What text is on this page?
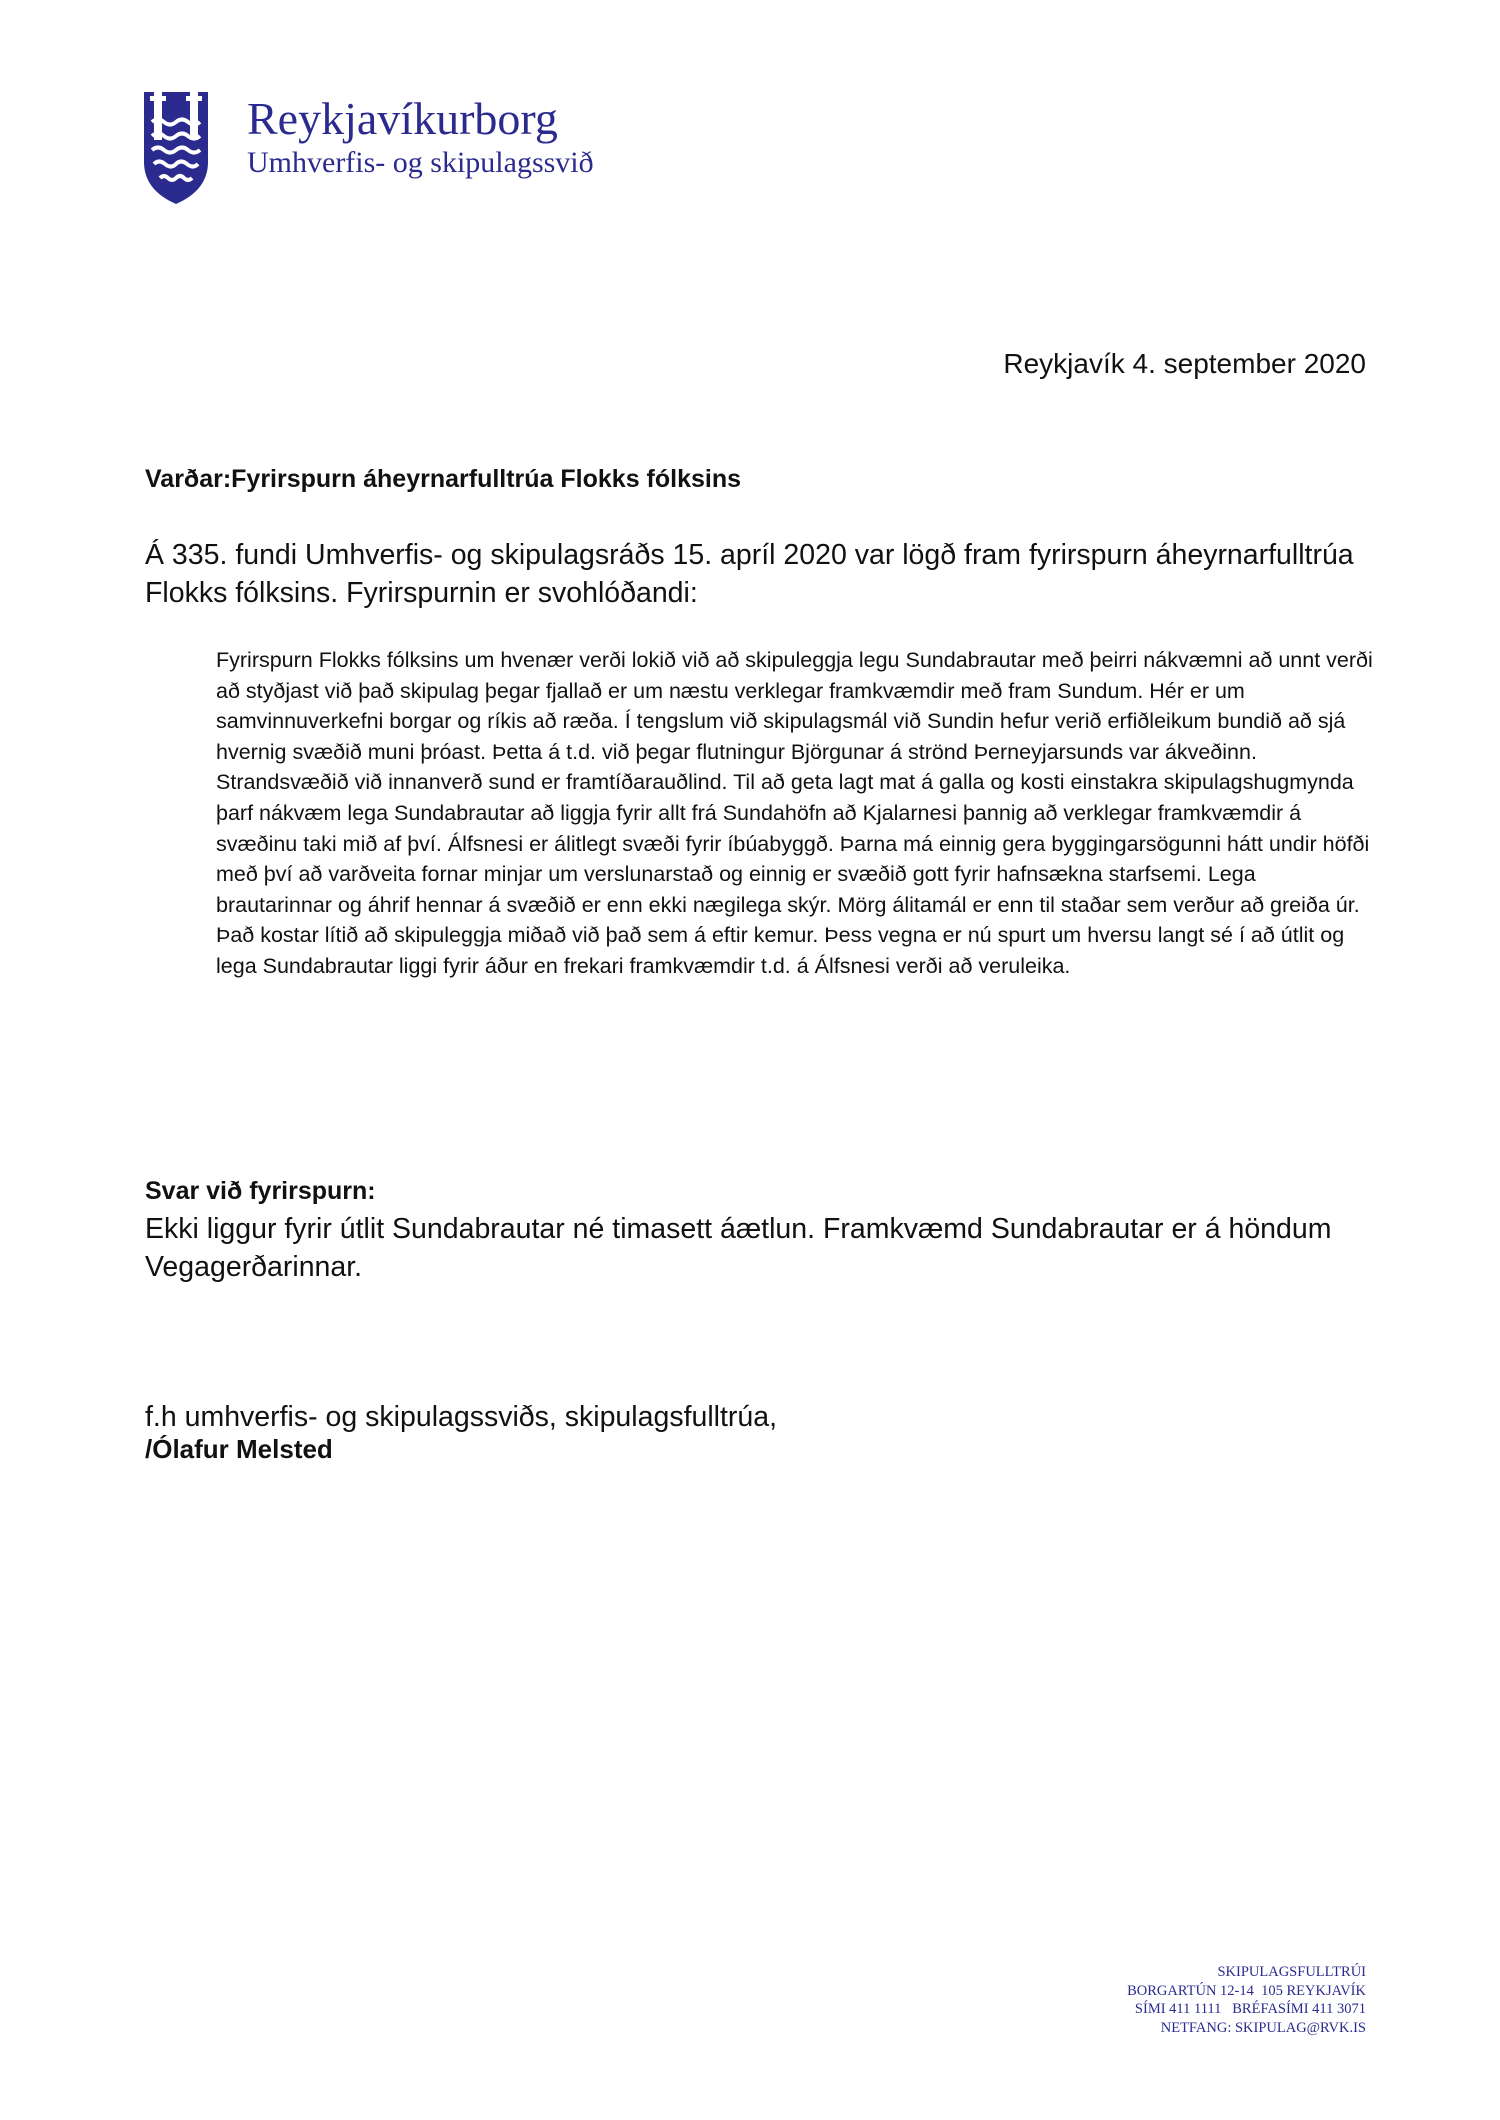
Reykjavíkurborg
Umhverfis- og skipulagssvið
Reykjavík 4. september 2020
Varðar:Fyrirspurn áheyrnarfulltrúa Flokks fólksins
Á 335. fundi Umhverfis- og skipulagsráðs 15. apríl 2020 var lögð fram fyrirspurn áheyrnarfulltrúa Flokks fólksins. Fyrirspurnin er svohlóðandi:
Fyrirspurn Flokks fólksins um hvenær verði lokið við að skipuleggja legu Sundabrautar með þeirri nákvæmni að unnt verði að styðjast við það skipulag þegar fjallað er um næstu verklegar framkvæmdir með fram Sundum. Hér er um samvinnuverkefni borgar og ríkis að ræða. Í tengslum við skipulagsmál við Sundin hefur verið erfiðleikum bundið að sjá hvernig svæðið muni þróast. Þetta á t.d. við þegar flutningur Björgunar á strönd Þerneyjarsunds var ákveðinn. Strandsvæðið við innanverð sund er framtíðarauðlind. Til að geta lagt mat á galla og kosti einstakra skipulagshugmynda þarf nákvæm lega Sundabrautar að liggja fyrir allt frá Sundahöfn að Kjalarnesi þannig að verklegar framkvæmdir á svæðinu taki mið af því. Álfsnesi er álitlegt svæði fyrir íbúabyggð. Þarna má einnig gera byggingarsögunni hátt undir höfði með því að varðveita fornar minjar um verslunarstað og einnig er svæðið gott fyrir hafnsækna starfsemi. Lega brautarinnar og áhrif hennar á svæðið er enn ekki nægilega skýr. Mörg álitamál er enn til staðar sem verður að greiða úr. Það kostar lítið að skipuleggja miðað við það sem á eftir kemur. Þess vegna er nú spurt um hversu langt sé í að útlit og lega Sundabrautar liggi fyrir áður en frekari framkvæmdir t.d. á Álfsnesi verði að veruleika.
Svar við fyrirspurn:
Ekki liggur fyrir útlit Sundabrautar né timasett áætlun. Framkvæmd Sundabrautar er á höndum Vegagerðarinnar.
f.h umhverfis- og skipulagssviðs, skipulagsfulltrúa,
/Ólafur Melsted
SKIPULAGSFULLTRÚI
BORGARTÚN 12-14  105 REYKJAVÍK
SÍMI 411 1111   BRÉFASÍMI 411 3071
NETFANG: SKIPULAG@RVK.IS
